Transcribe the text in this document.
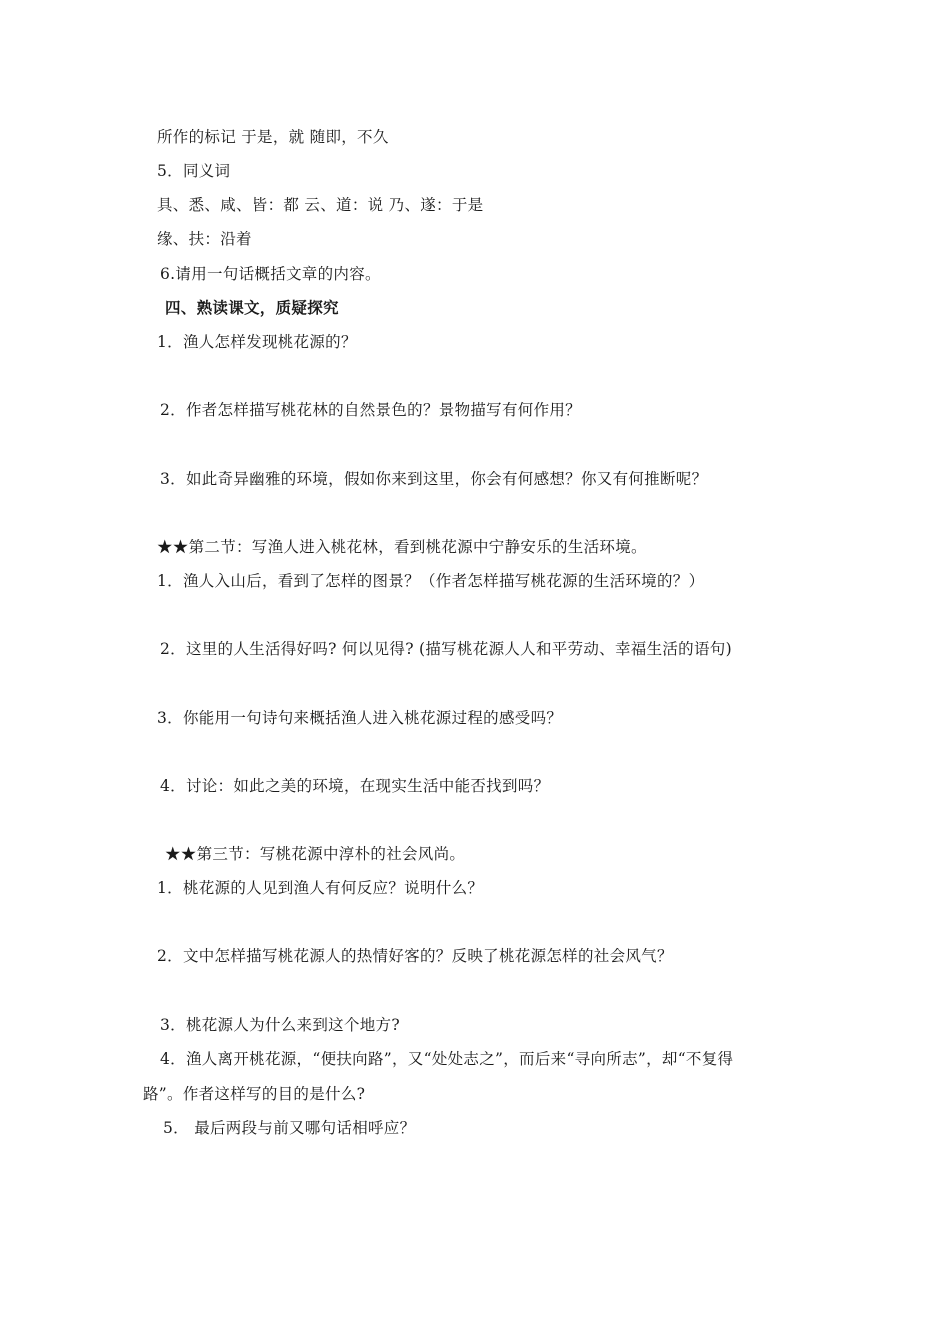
所作的标记 于是，就 随即，不久
5．同义词
具、悉、咸、皆：都 云、道：说 乃、遂：于是
缘、扶：沿着
6.请用一句话概括文章的内容。
四、熟读课文，质疑探究
1．渔人怎样发现桃花源的？
2．作者怎样描写桃花林的自然景色的？景物描写有何作用？
3．如此奇异幽雅的环境，假如你来到这里，你会有何感想？你又有何推断呢？
★★第二节：写渔人进入桃花林，看到桃花源中宁静安乐的生活环境。
1．渔人入山后，看到了怎样的图景？（作者怎样描写桃花源的生活环境的？）
2．这里的人生活得好吗? 何以见得? (描写桃花源人人和平劳动、幸福生活的语句)
3．你能用一句诗句来概括渔人进入桃花源过程的感受吗？
4．讨论：如此之美的环境，在现实生活中能否找到吗？
★★第三节：写桃花源中淳朴的社会风尚。
1．桃花源的人见到渔人有何反应？说明什么？
2．文中怎样描写桃花源人的热情好客的？反映了桃花源怎样的社会风气？
3．桃花源人为什么来到这个地方?
4．渔人离开桃花源，“便扶向路”，又“处处志之”，而后来“寻向所志”，却“不复得
路”。作者这样写的目的是什么?
5． 最后两段与前又哪句话相呼应？
